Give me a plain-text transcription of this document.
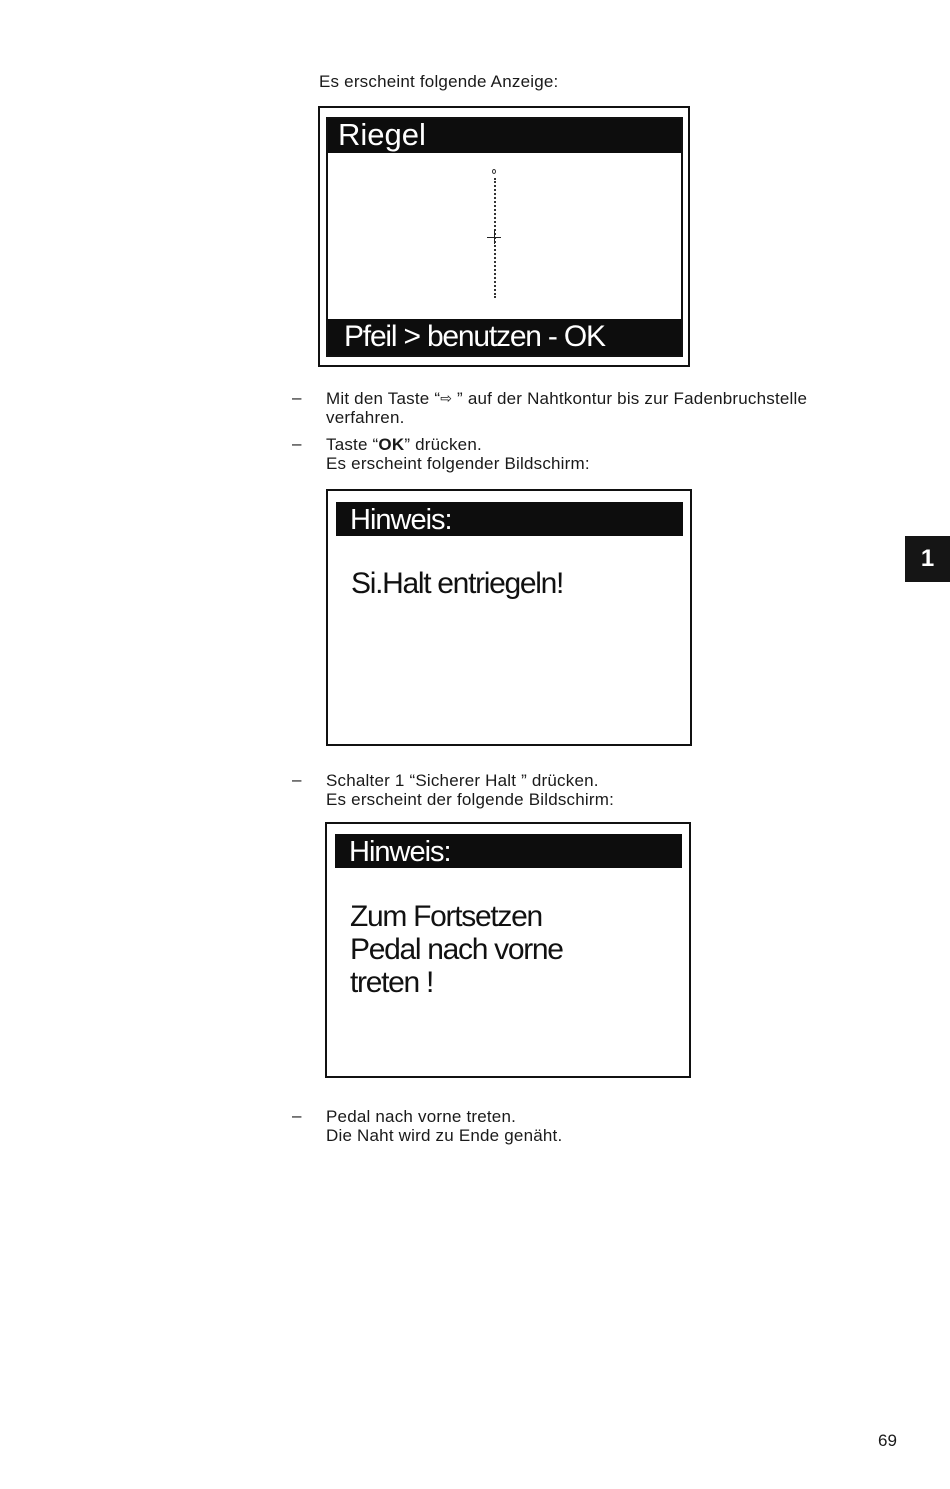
Es erscheint folgende Anzeige:
Riegel
Pfeil > benutzen - OK
– Mit den Taste “⇨ ” auf der Nahtkontur bis zur Fadenbruchstelle
verfahren.
– Taste “OK” drücken.
Es erscheint folgender Bildschirm:
Hinweis:
Si.Halt entriegeln!
– Schalter 1 “Sicherer Halt ” drücken.
Es erscheint der folgende Bildschirm:
Hinweis:
Zum Fortsetzen
Pedal nach vorne
treten !
– Pedal nach vorne treten.
Die Naht wird zu Ende genäht.
1
69
